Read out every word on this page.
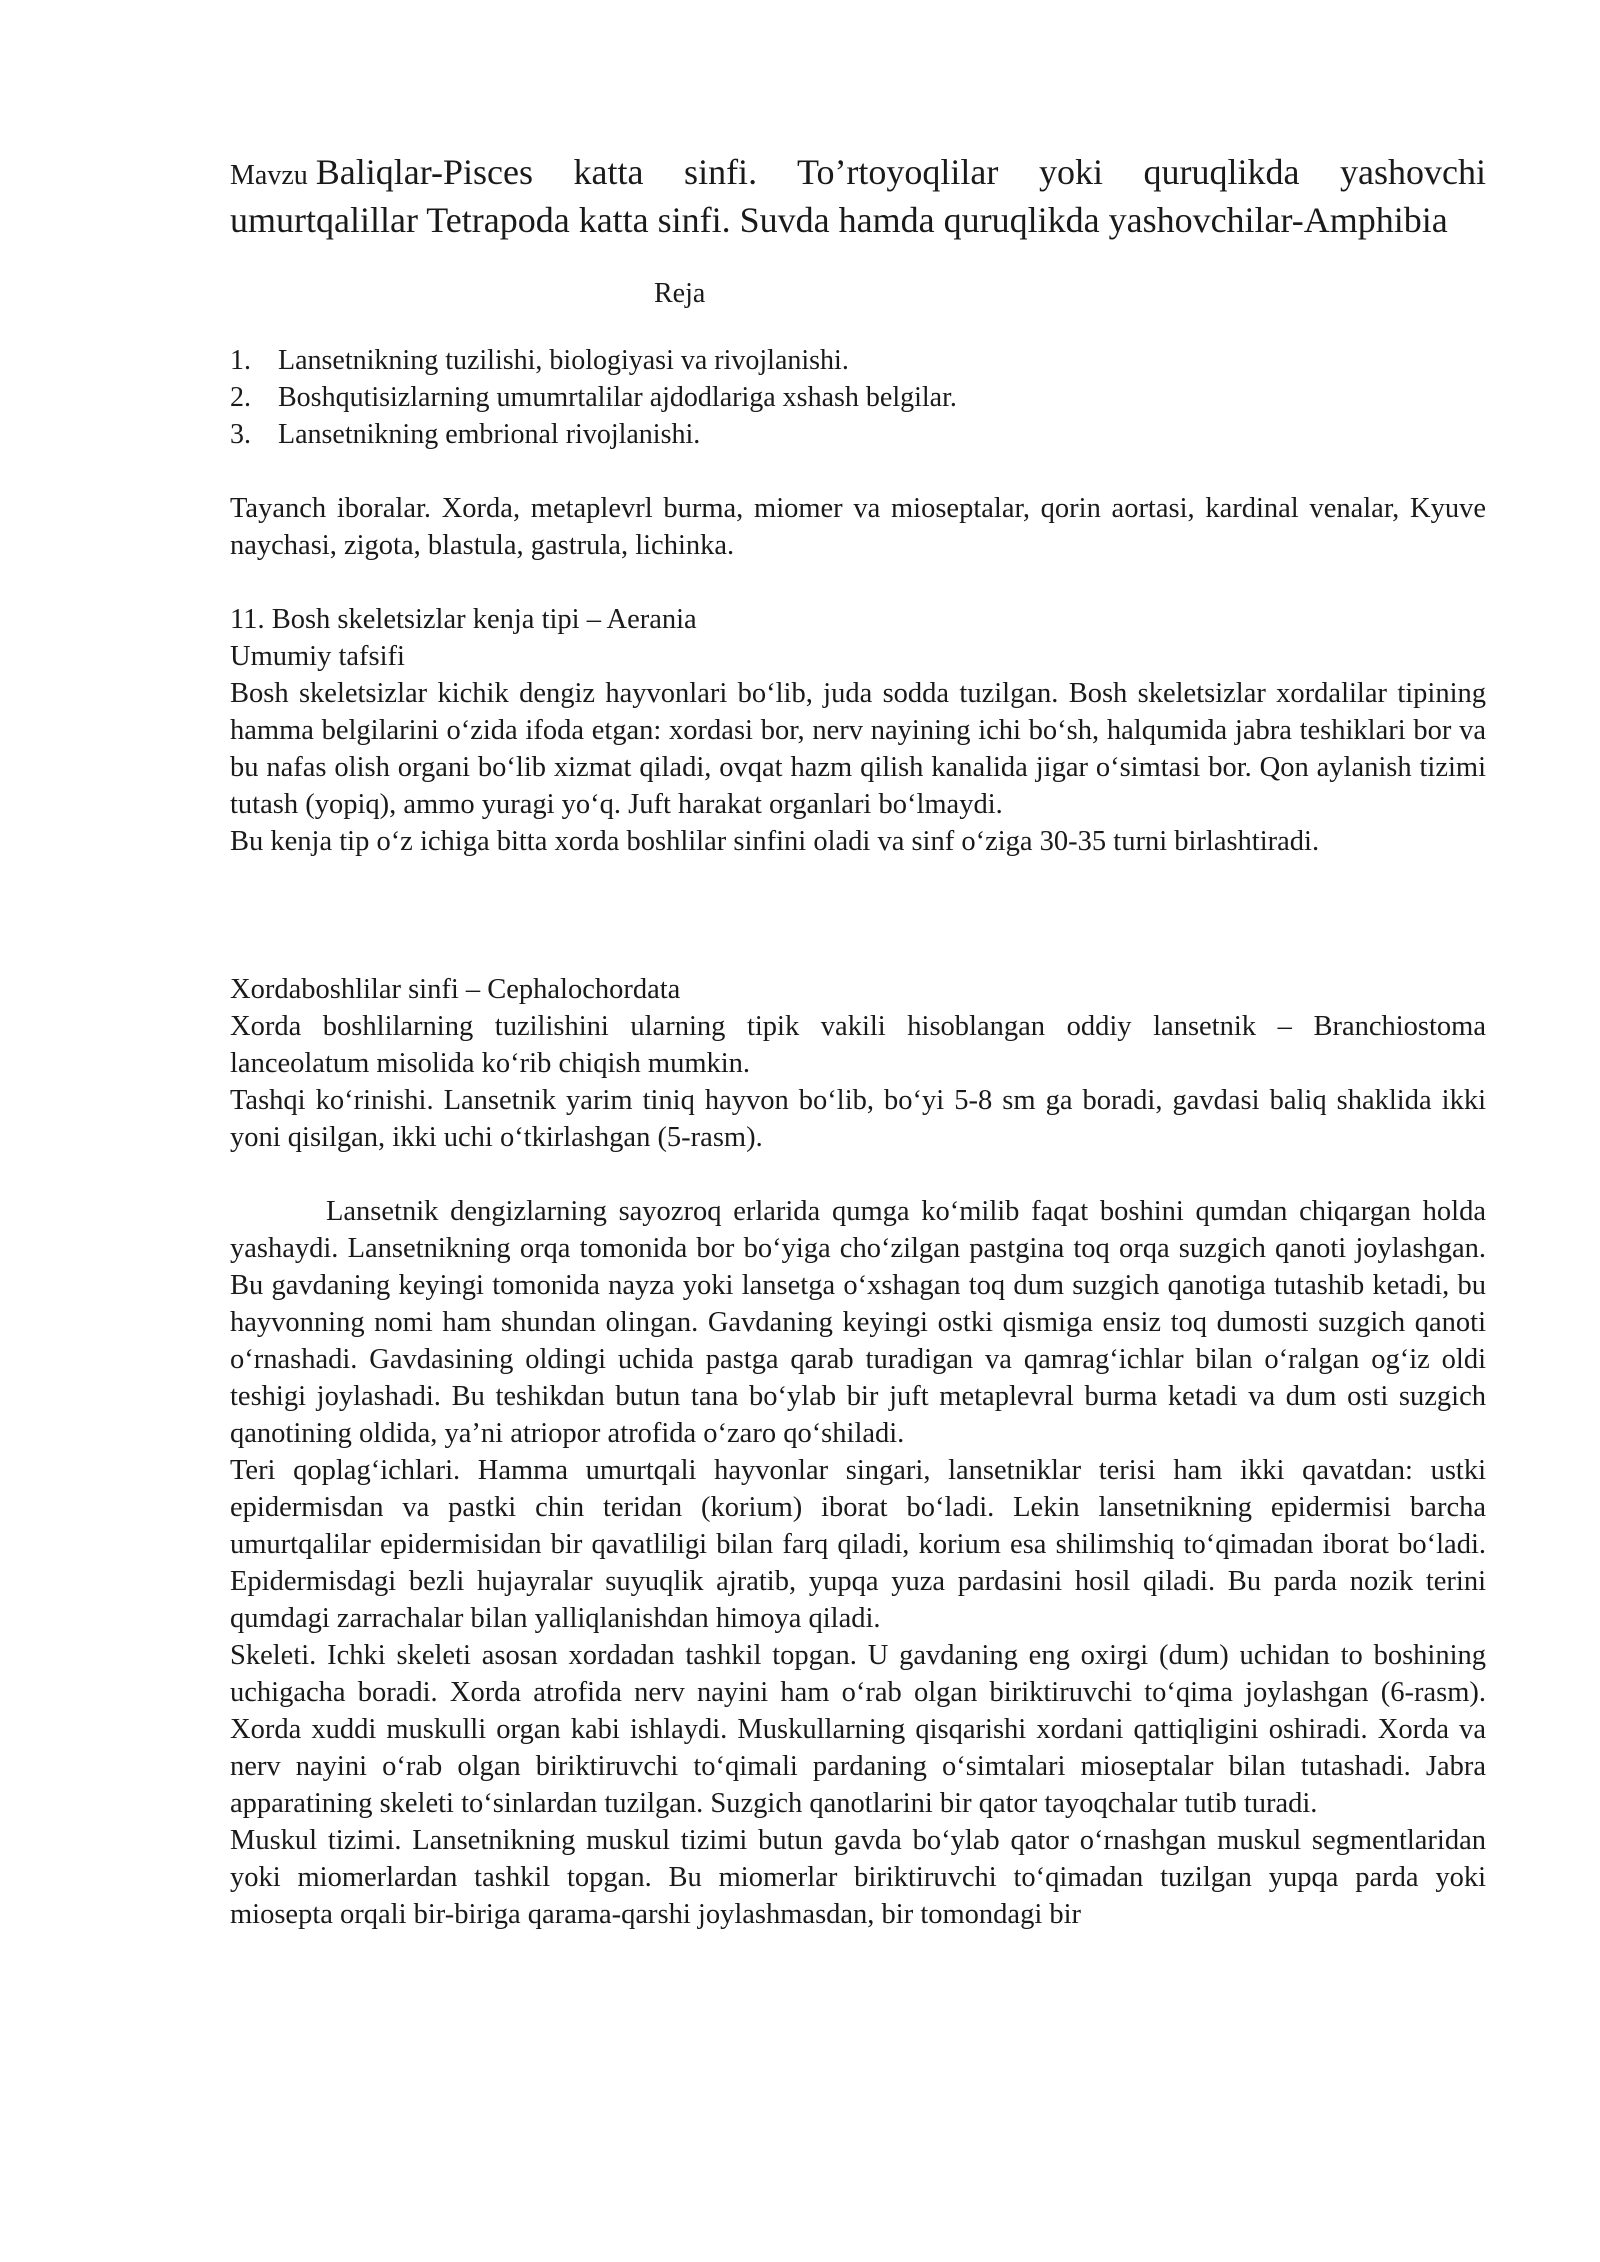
Mavzu Baliqlar-Pisces katta sinfi. To’rtoyoqlilar yoki quruqlikda yashovchi umurtqalillar Tetrapoda katta sinfi. Suvda hamda quruqlikda yashovchilar-Amphibia
Reja
1. Lansetnikning tuzilishi, biologiyasi va rivojlanishi.
2. Boshqutisizlarning umumrtalilar ajdodlariga xshash belgilar.
3. Lansetnikning embrional rivojlanishi.

Tayanch iboralar. Xorda, metaplevrl burma, miomer va mioseptalar, qorin aortasi, kardinal venalar, Kyuve naychasi, zigota, blastula, gastrula, lichinka.

11. Bosh skeletsizlar kenja tipi – Aerania

Umumiy tafsifi

Bosh skeletsizlar kichik dengiz hayvonlari bo‘lib, juda sodda tuzilgan. Bosh skeletsizlar xordalilar tipining hamma belgilarini o‘zida ifoda etgan: xordasi bor, nerv nayining ichi bo‘sh, halqumida jabra teshiklari bor va bu nafas olish organi bo‘lib xizmat qiladi, ovqat hazm qilish kanalida jigar o‘simtasi bor. Qon aylanish tizimi tutash (yopiq), ammo yuragi yo‘q. Juft harakat organlari bo‘lmaydi.

Bu kenja tip o‘z ichiga bitta xorda boshlilar sinfini oladi va sinf o‘ziga 30-35 turni birlashtiradi.

Xordaboshlilar sinfi – Cephalochordata

Xorda boshlilarning tuzilishini ularning tipik vakili hisoblangan oddiy lansetnik – Branchiostoma lanceolatum misolida ko‘rib chiqish mumkin.

Tashqi ko‘rinishi. Lansetnik yarim tiniq hayvon bo‘lib, bo‘yi 5-8 sm ga boradi, gavdasi baliq shaklida ikki yoni qisilgan, ikki uchi o‘tkirlashgan (5-rasm).

Lansetnik dengizlarning sayozroq erlarida qumga ko‘milib faqat boshini qumdan chiqargan holda yashaydi. Lansetnikning orqa tomonida bor bo‘yiga cho‘zilgan pastgina toq orqa suzgich qanoti joylashgan. Bu gavdaning keyingi tomonida nayza yoki lansetga o‘xshagan toq dum suzgich qanotiga tutashib ketadi, bu hayvonning nomi ham shundan olingan. Gavdaning keyingi ostki qismiga ensiz toq dumosti suzgich qanoti o‘rnashadi. Gavdasining oldingi uchida pastga qarab turadigan va qamrag‘ichlar bilan o‘ralgan og‘iz oldi teshigi joylashadi. Bu teshikdan butun tana bo‘ylab bir juft metaplevral burma ketadi va dum osti suzgich qanotining oldida, ya’ni atriopor atrofida o‘zaro qo‘shiladi.

Teri qoplag‘ichlari. Hamma umurtqali hayvonlar singari, lansetniklar terisi ham ikki qavatdan: ustki epidermisdan va pastki chin teridan (korium) iborat bo‘ladi. Lekin lansetnikning epidermisi barcha umurtqalilar epidermisidan bir qavatliligi bilan farq qiladi, korium esa shilimshiq to‘qimadan iborat bo‘ladi. Epidermisdagi bezli hujayralar suyuqlik ajratib, yupqa yuza pardasini hosil qiladi. Bu parda nozik terini qumdagi zarrachalar bilan yalliqlanishdan himoya qiladi.

Skeleti. Ichki skeleti asosan xordadan tashkil topgan. U gavdaning eng oxirgi (dum) uchidan to boshining uchigacha boradi. Xorda atrofida nerv nayini ham o‘rab olgan biriktiruvchi to‘qima joylashgan (6-rasm). Xorda xuddi muskulli organ kabi ishlaydi. Muskullarning qisqarishi xordani qattiqligini oshiradi. Xorda va nerv nayini o‘rab olgan biriktiruvchi to‘qimali pardaning o‘simtalari mioseptalar bilan tutashadi. Jabra apparatining skeleti to‘sinlardan tuzilgan. Suzgich qanotlarini bir qator tayoqchalar tutib turadi.

Muskul tizimi. Lansetnikning muskul tizimi butun gavda bo‘ylab qator o‘rnashgan muskul segmentlaridan yoki miomerlardan tashkil topgan. Bu miomerlar biriktiruvchi to‘qimadan tuzilgan yupqa parda yoki miosepta orqali bir-biriga qarama-qarshi joylashmasdan, bir tomondagi bir
